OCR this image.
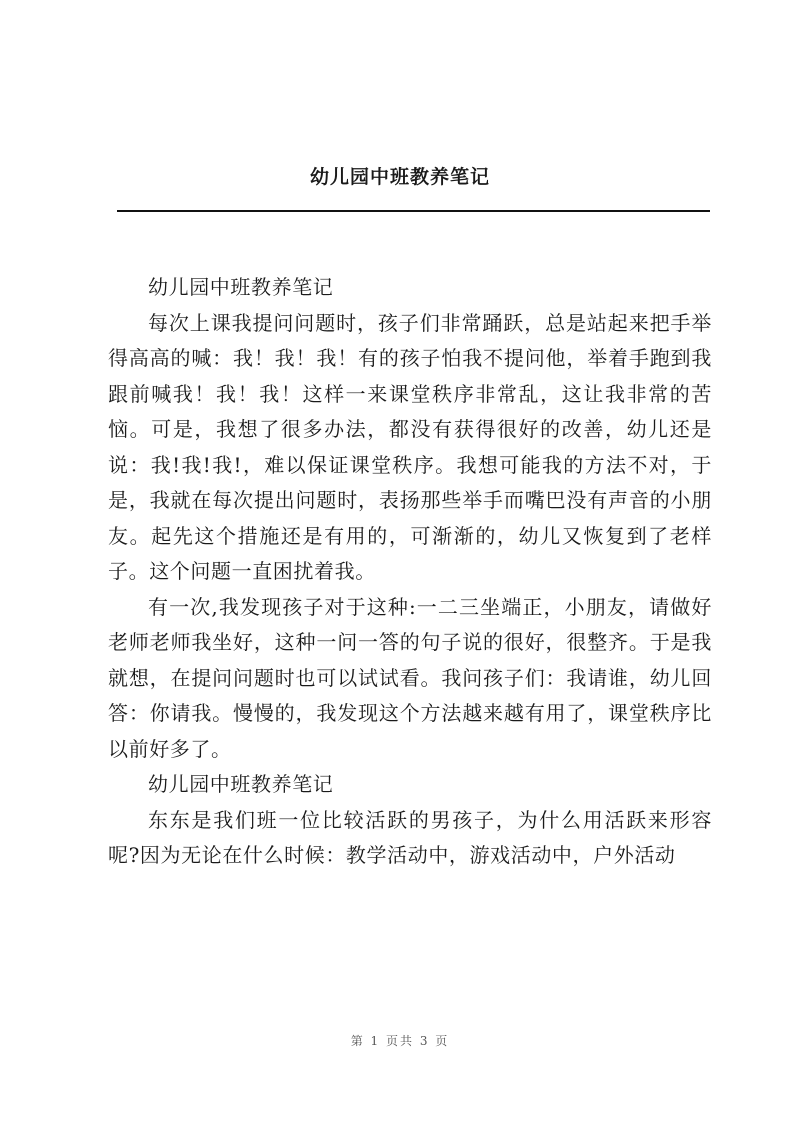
幼儿园中班教养笔记

幼儿园中班教养笔记

每次上课我提问问题时，孩子们非常踊跃，总是站起来把手举得高高的喊：我！我！我！有的孩子怕我不提问他，举着手跑到我跟前喊我！我！我！这样一来课堂秩序非常乱，这让我非常的苦恼。可是，我想了很多办法，都没有获得很好的改善，幼儿还是说：我!我!我!，难以保证课堂秩序。我想可能我的方法不对，于是，我就在每次提出问题时，表扬那些举手而嘴巴没有声音的小朋友。起先这个措施还是有用的，可渐渐的，幼儿又恢复到了老样子。这个问题一直困扰着我。

有一次,我发现孩子对于这种:一二三坐端正，小朋友，请做好老师老师我坐好，这种一问一答的句子说的很好，很整齐。于是我就想，在提问问题时也可以试试看。我问孩子们：我请谁，幼儿回答：你请我。慢慢的，我发现这个方法越来越有用了，课堂秩序比以前好多了。

幼儿园中班教养笔记

东东是我们班一位比较活跃的男孩子，为什么用活跃来形容呢?因为无论在什么时候：教学活动中，游戏活动中，户外活动

第 1 页共 3 页
